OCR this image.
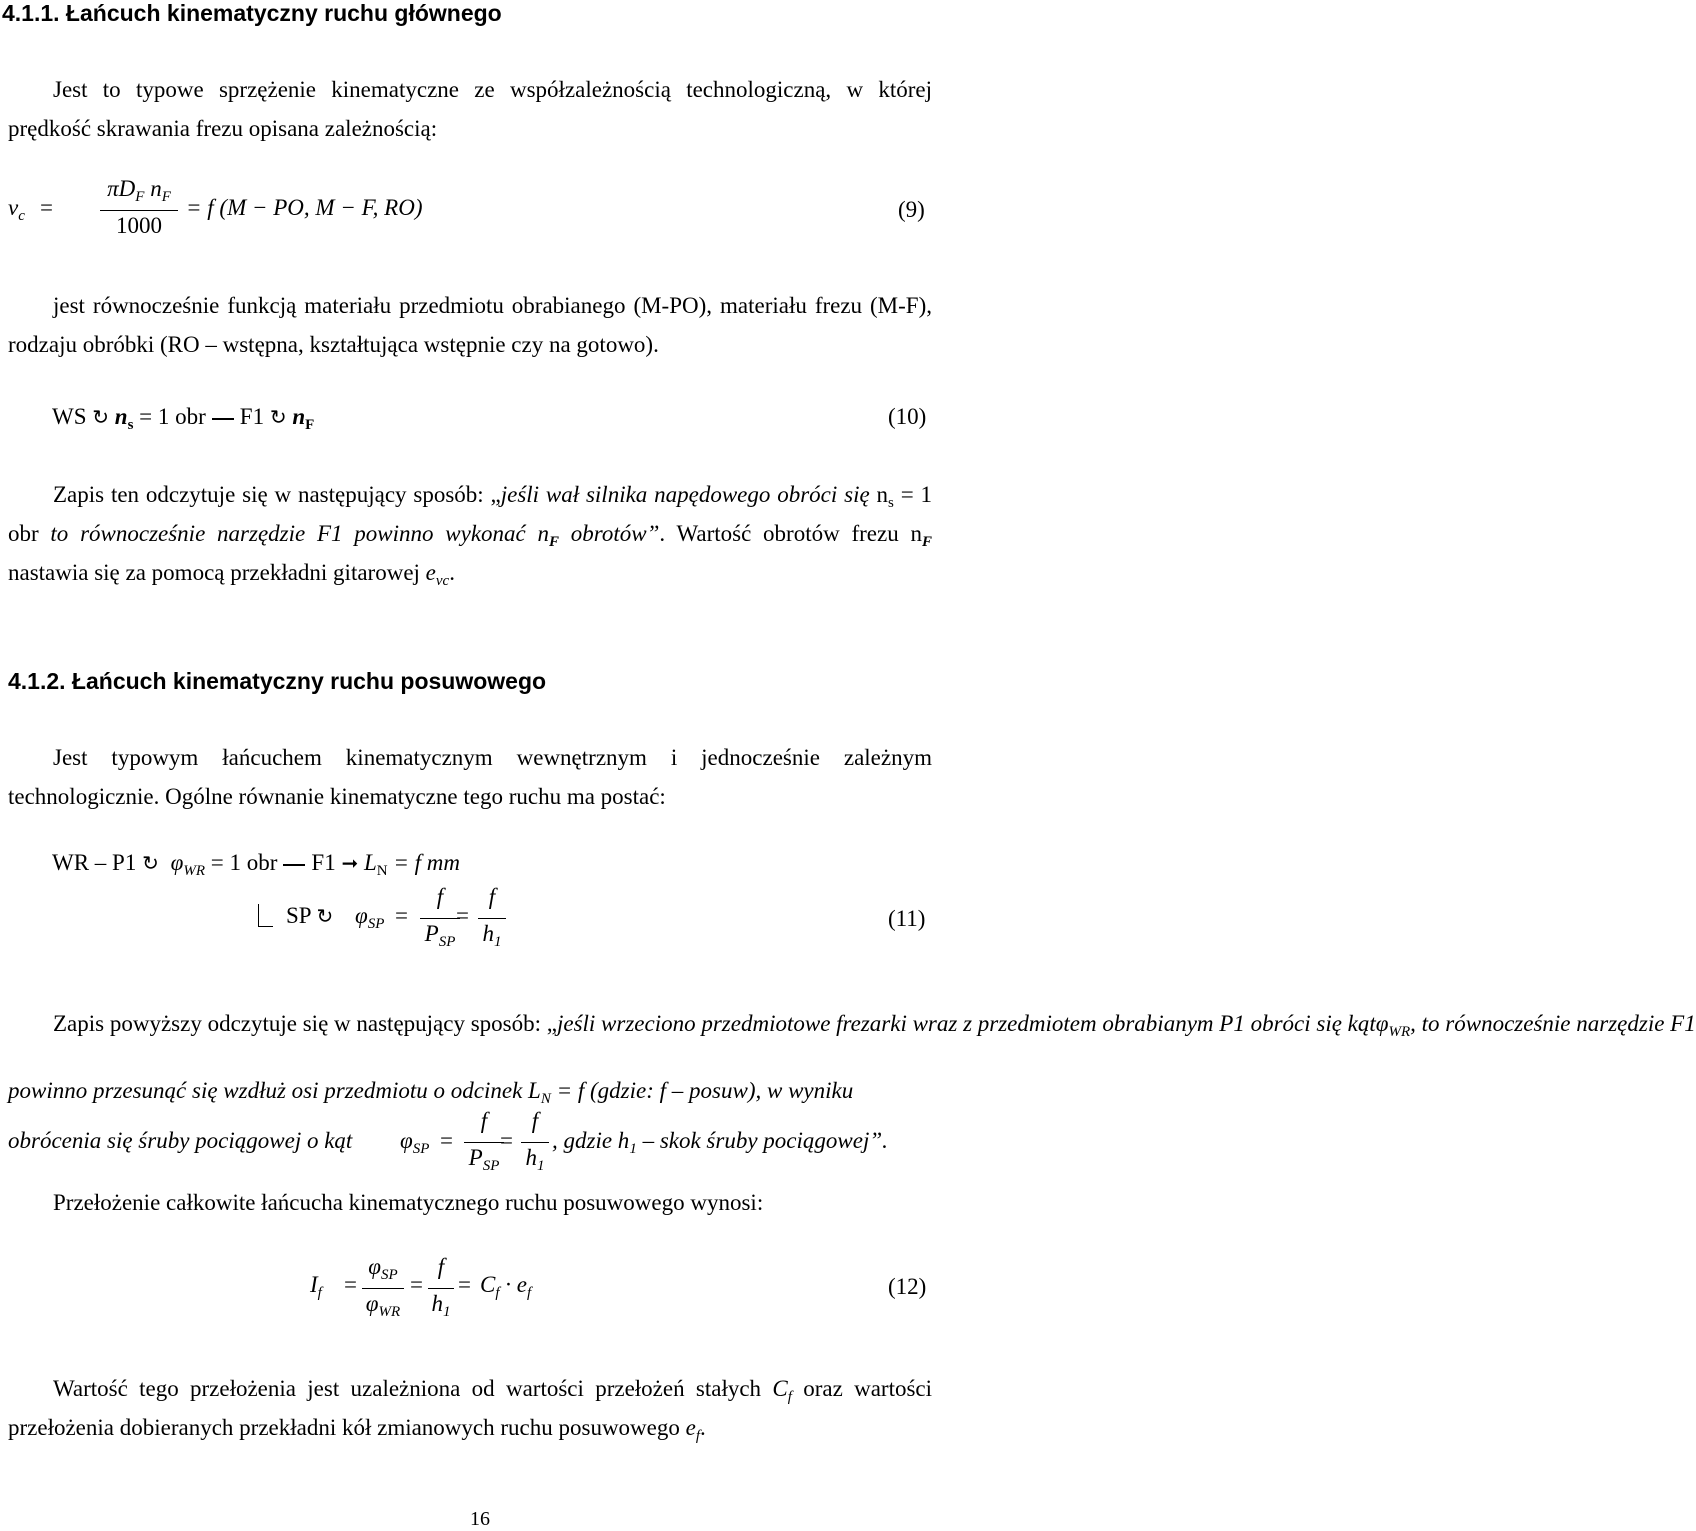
4.1.1. Łańcuch kinematyczny ruchu głównego

Jest to typowe sprzężenie kinematyczne ze współzależnością technologiczną, w której prędkość skrawania frezu opisana zależnością:

$v_c$ =
$\pi D_F$ $n_F$
1000
= f (M − PO, M − F, RO)	(9)

jest równocześnie funkcją materiału przedmiotu obrabianego (M-PO), materiału frezu (M-F), rodzaju obróbki (RO – wstępna, kształtująca wstępnie czy na gotowo).

WS ↻ $n_s = 1$ obr F1 ↻ $n_F$	(10)

Zapis ten odczytuje się w następujący sposób: „jeśli wał silnika napędowego obróci się $n_s = 1$ obr to równocześnie narzędzie F1 powinno wykonać $n_F$ obrotów”. Wartość obrotów frezu $n_F$ nastawia się za pomocą przekładni gitarowej $e_{vc}$.

4.1.2. Łańcuch kinematyczny ruchu posuwowego

Jest typowym łańcuchem kinematycznym wewnętrznym i jednocześnie zależnym technologicznie. Ogólne równanie kinematyczne tego ruchu ma postać:

WR – P1 ↻ $\varphi_{WR} = 1$ obr F1 ➞ $L_N = f$ mm
SP ↻ $\varphi_{SP}$ =
f
$P_{SP}$
=
f
$h_1$
(11)
Zapis powyższy odczytuje się w następujący sposób: „jeśli wrzeciono przedmiotowe frezarki wraz z przedmiotem obrabianym P1 obróci się kątφ$_{WR}$, to równocześnie narzędzie F1
powinno przesunąć się wzdłuż osi przedmiotu o odcinek $L_N = f$ (gdzie: f – posuw), w wyniku
obrócenia się śruby pociągowej o kąt $\varphi_{SP}$ =
f
$P_{SP}$
=
f
$h_1$
, gdzie $h_1$ – skok śruby pociągowej”.
Przełożenie całkowite łańcucha kinematycznego ruchu posuwowego wynosi:
$I_f$ =
$\varphi_{SP}$
$\varphi_{WR}$
=
f
$h_1$
= $C_f \cdot e_f$	(12)

Wartość tego przełożenia jest uzależniona od wartości przełożeń stałych $C_f$ oraz wartości przełożenia dobieranych przekładni kół zmianowych ruchu posuwowego $e_f$.

16
